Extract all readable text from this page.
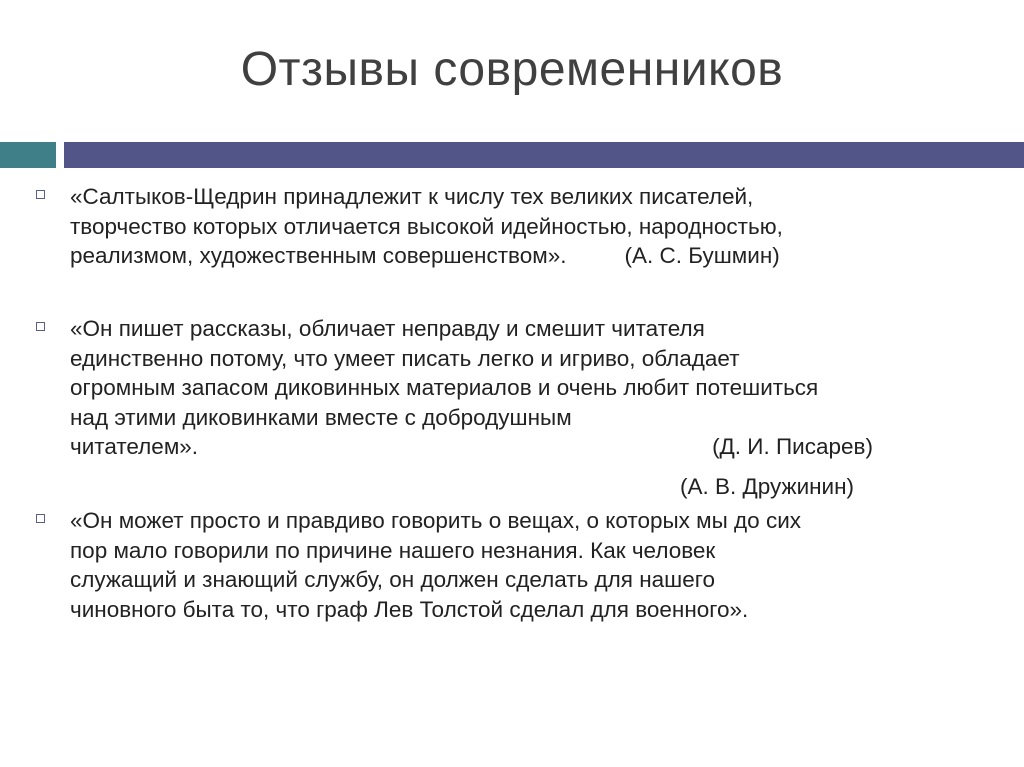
Отзывы современников
«Салтыков-Щедрин принадлежит к числу тех великих писателей,
творчество которых отличается высокой идейностью, народностью,
реализмом, художественным совершенством».	(А. С. Бушмин)
«Он пишет рассказы, обличает неправду и смешит читателя
единственно потому, что умеет писать легко и игриво, обладает
огромным запасом диковинных материалов и очень любит потешиться
над этими диковинками вместе с добродушным
читателем».	(Д. И. Писарев)
«Он может просто и правдиво говорить о вещах, о которых мы до сих
пор мало говорили по причине нашего незнания. Как человек
служащий и знающий службу, он должен сделать для нашего
чиновного быта то, что граф Лев Толстой сделал для военного».
(А. В. Дружинин)
